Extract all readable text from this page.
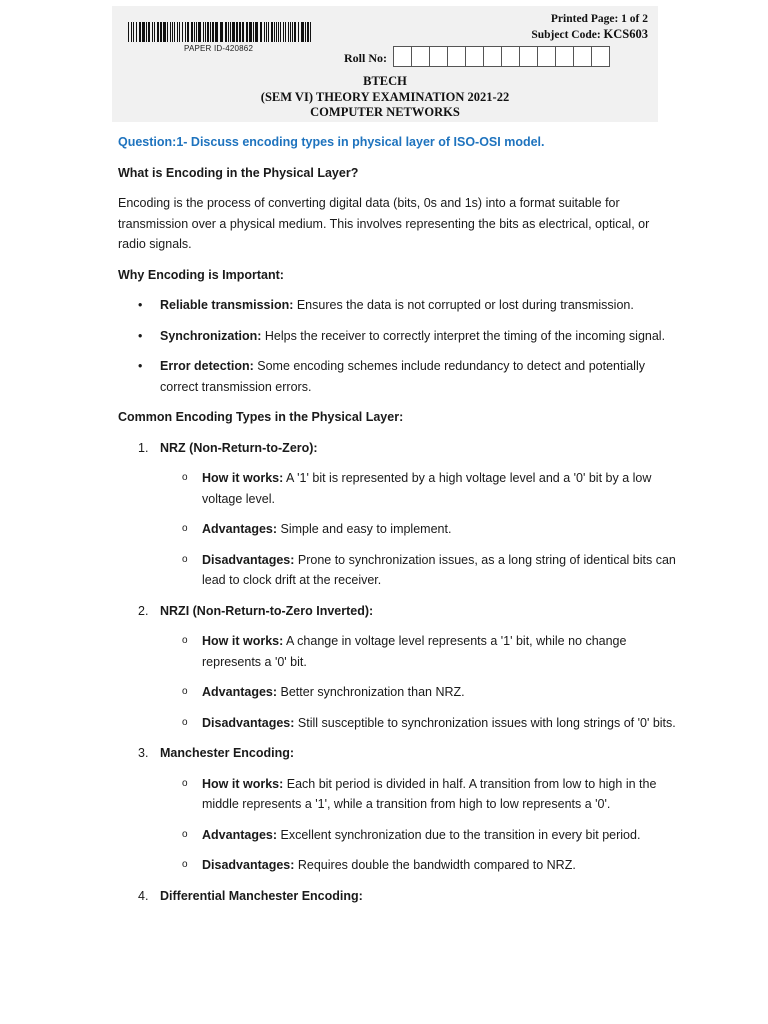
PAPER ID-420862
Printed Page: 1 of 2
Subject Code: KCS603
Roll No:
BTECH
(SEM VI) THEORY EXAMINATION 2021-22
COMPUTER NETWORKS
Question:1- Discuss encoding types in physical layer of ISO-OSI model.
What is Encoding in the Physical Layer?
Encoding is the process of converting digital data (bits, 0s and 1s) into a format suitable for transmission over a physical medium. This involves representing the bits as electrical, optical, or radio signals.
Why Encoding is Important:
• Reliable transmission: Ensures the data is not corrupted or lost during transmission.
• Synchronization: Helps the receiver to correctly interpret the timing of the incoming signal.
• Error detection: Some encoding schemes include redundancy to detect and potentially correct transmission errors.
Common Encoding Types in the Physical Layer:
1. NRZ (Non-Return-to-Zero):
o How it works: A '1' bit is represented by a high voltage level and a '0' bit by a low voltage level.
o Advantages: Simple and easy to implement.
o Disadvantages: Prone to synchronization issues, as a long string of identical bits can lead to clock drift at the receiver.
2. NRZI (Non-Return-to-Zero Inverted):
o How it works: A change in voltage level represents a '1' bit, while no change represents a '0' bit.
o Advantages: Better synchronization than NRZ.
o Disadvantages: Still susceptible to synchronization issues with long strings of '0' bits.
3. Manchester Encoding:
o How it works: Each bit period is divided in half. A transition from low to high in the middle represents a '1', while a transition from high to low represents a '0'.
o Advantages: Excellent synchronization due to the transition in every bit period.
o Disadvantages: Requires double the bandwidth compared to NRZ.
4. Differential Manchester Encoding:
